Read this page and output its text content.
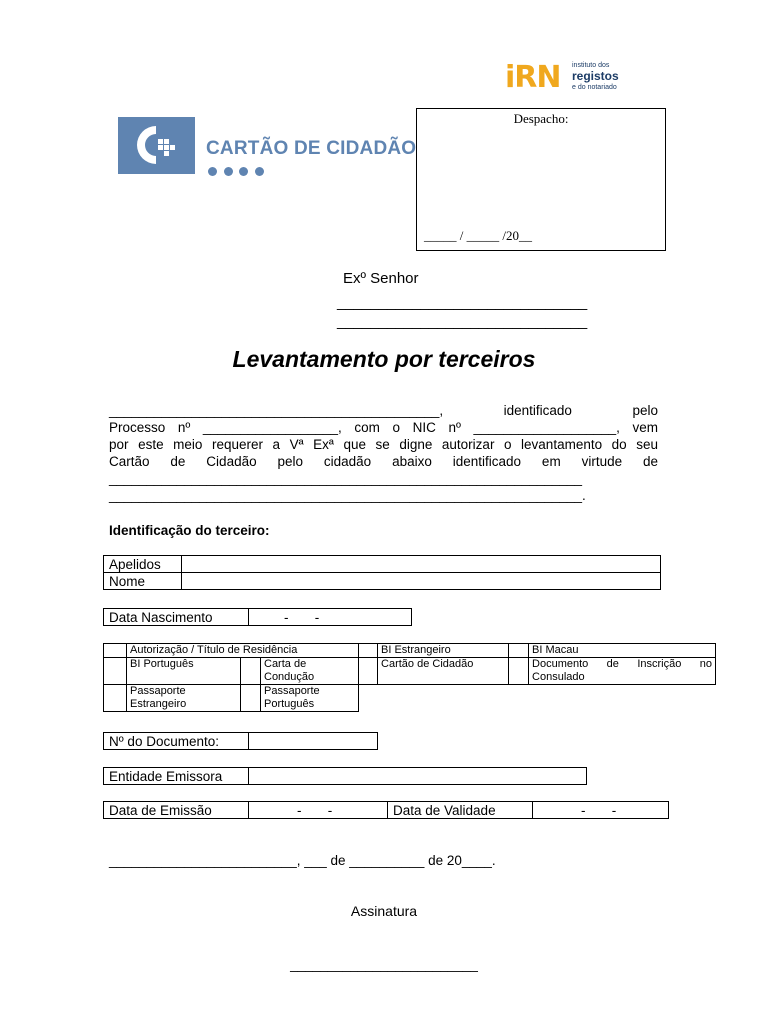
CARTÃO DE CIDADÃO
iRN instituto dos
registos
e do notariado
Despacho:
_____ / _____ /20__
Exº Senhor
______________________________
______________________________
Levantamento por terceiros
____________________________________________,	identificado	pelo
Processo nº __________________, com o NIC nº ___________________, vem
por este meio requerer a Vª Exª que se digne autorizar o levantamento do seu
Cartão de Cidadão pelo cidadão abaixo identificado em virtude de
_______________________________________________________________
_______________________________________________________________.
Identificação do terceiro:
Apelidos	
Nome	
Data Nascimento	-       -
	Autorização / Título de Residência				BI Estrangeiro		BI Macau
	BI Português		Carta de Condução		Cartão de Cidadão		Documento de Inscrição no Consulado
	Passaporte Estrangeiro		Passaporte Português				
Nº do Documento:	
Entidade Emissora	
Data de Emissão	-       -	Data de Validade	-       -
_________________________, ___ de __________ de 20____.
Assinatura
_________________________
